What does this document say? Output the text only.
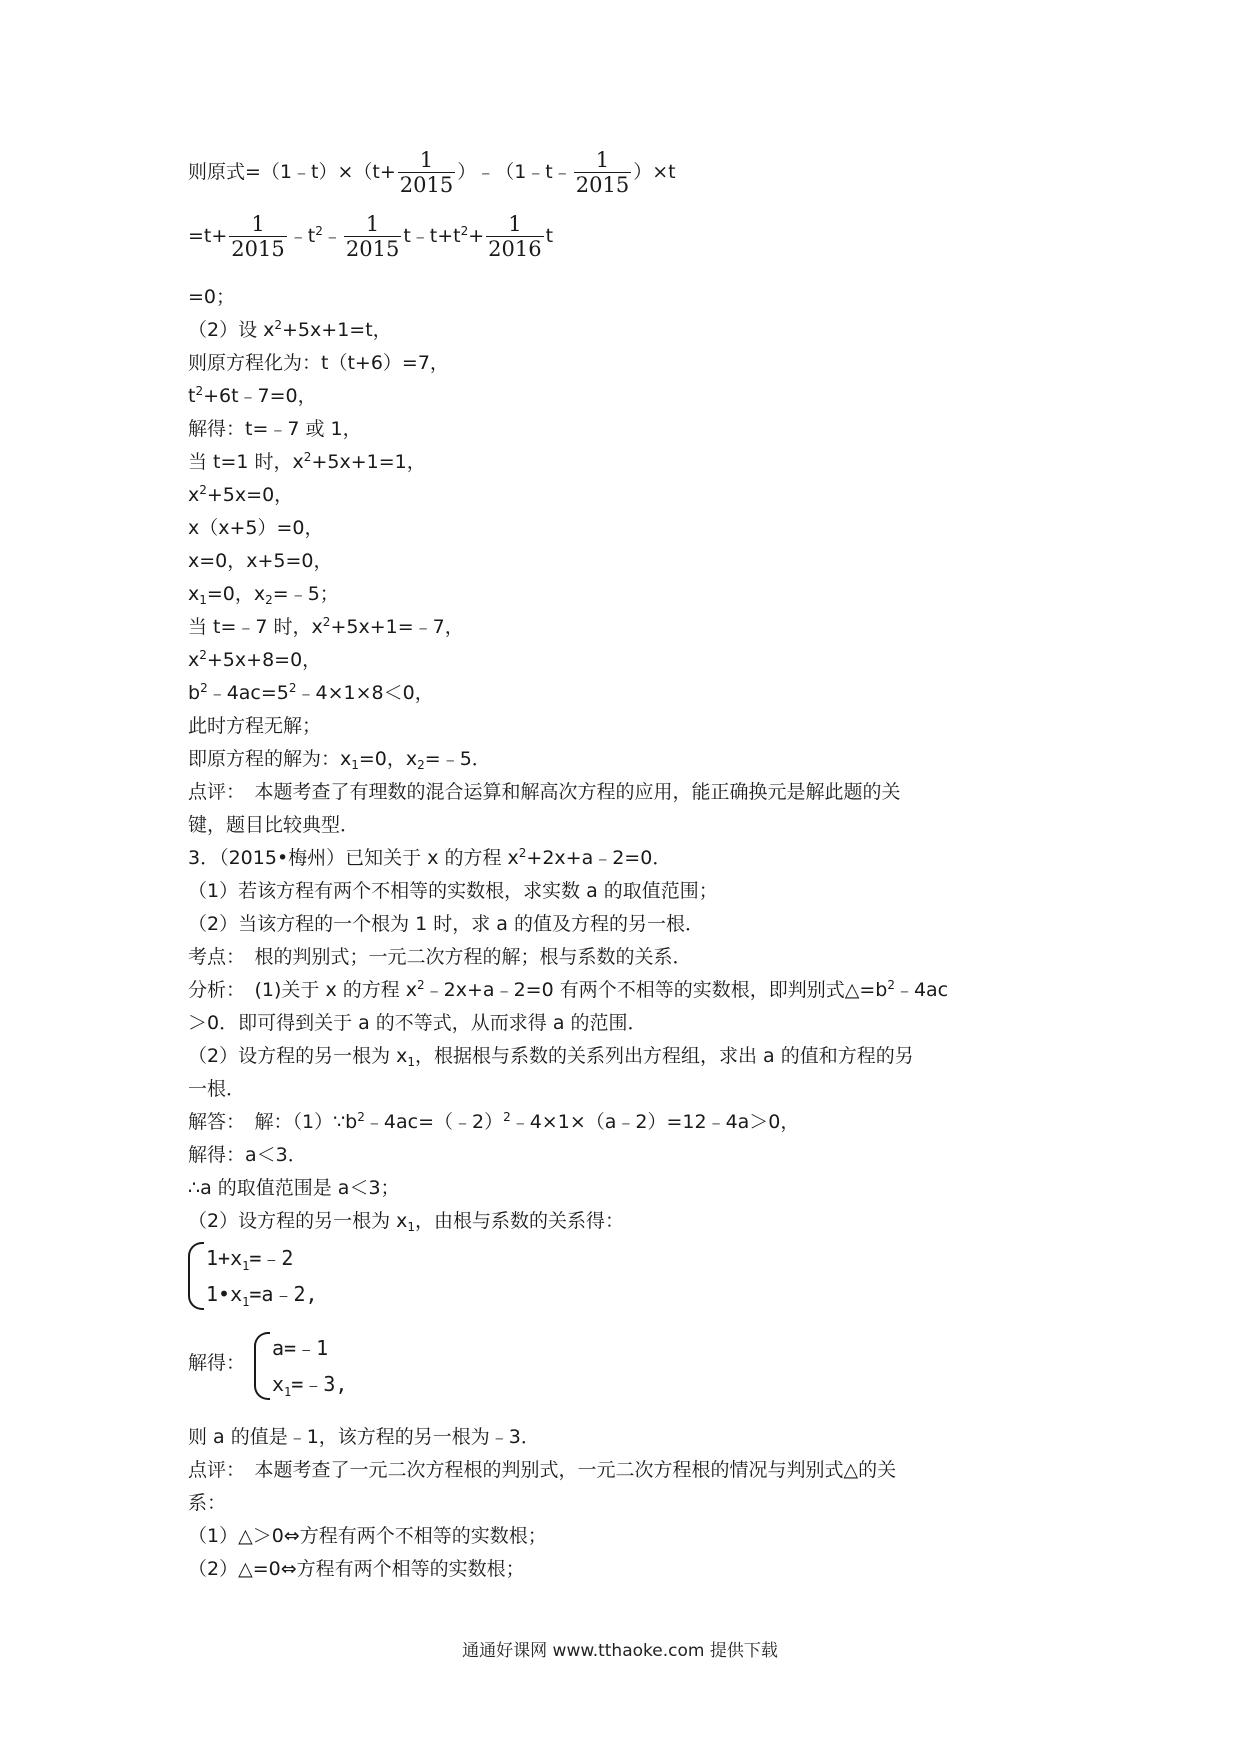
则原式=（1﹣t）×（t+ $\frac{1}{2015}$ ）﹣（1﹣t﹣ $\frac{1}{2015} )\times t$
$=t+ \frac{1}{2015}$ $﹣t^2﹣ \frac{1}{2015}$ $t﹣t+t^2+ \frac{1}{2016}$ t
=0；
（2）设 $x^2+5x+1=t$，
则原方程化为：t（t+6）=7，
$t^2+6t﹣7=0$，
解得：t=﹣7 或 1，
当 t=1 时，$x^2+5x+1=1$，
$x^2+5x=0$，
x（x+5）=0，
x=0，x+5=0，
$x_1=0$，$x_2=﹣5$；
当 t=﹣7 时，$x^2+5x+1=﹣7$，
$x^2+5x+8=0$，
$b^2﹣4ac=5^2﹣4\times 1\times 8<0$，
此时方程无解；
即原方程的解为：$x_1=0$，$x_2=﹣5$．
点评：　本题考查了有理数的混合运算和解高次方程的应用，能正确换元是解此题的关
键，题目比较典型．
3．（2015•梅州）已知关于 x 的方程 $x^2+2x+a﹣2=0$．
（1）若该方程有两个不相等的实数根，求实数 a 的取值范围；
（2）当该方程的一个根为 1 时，求 a 的值及方程的另一根．
考点：　根的判别式；一元二次方程的解；根与系数的关系．
分析：　(1)关于 x 的方程 $x^2﹣2x+a﹣2=0$ 有两个不相等的实数根，即判别式$\triangle=b^2﹣4ac$
＞0．即可得到关于 a 的不等式，从而求得 a 的范围．
（2）设方程的另一根为 $x_1$，根据根与系数的关系列出方程组，求出 a 的值和方程的另
一根．
解答：　解：$(1)\because b^2﹣4ac=(﹣2)^2﹣4\times 1\times(a﹣2)=12﹣4a>0$，
解得：a＜3．
∴a 的取值范围是 a＜3；
（2）设方程的另一根为 $x_1$，由根与系数的关系得：
$1+x_1=﹣2$
$1•x_1=a﹣2$,
解得：
a=﹣1
$x_1=﹣3$,
则 a 的值是﹣1，该方程的另一根为﹣3．
点评：　本题考查了一元二次方程根的判别式，一元二次方程根的情况与判别式△的关
系：
（1）△＞0⇔方程有两个不相等的实数根；
（2）△=0⇔方程有两个相等的实数根；
通通好课网 www.tthaoke.com 提供下载
